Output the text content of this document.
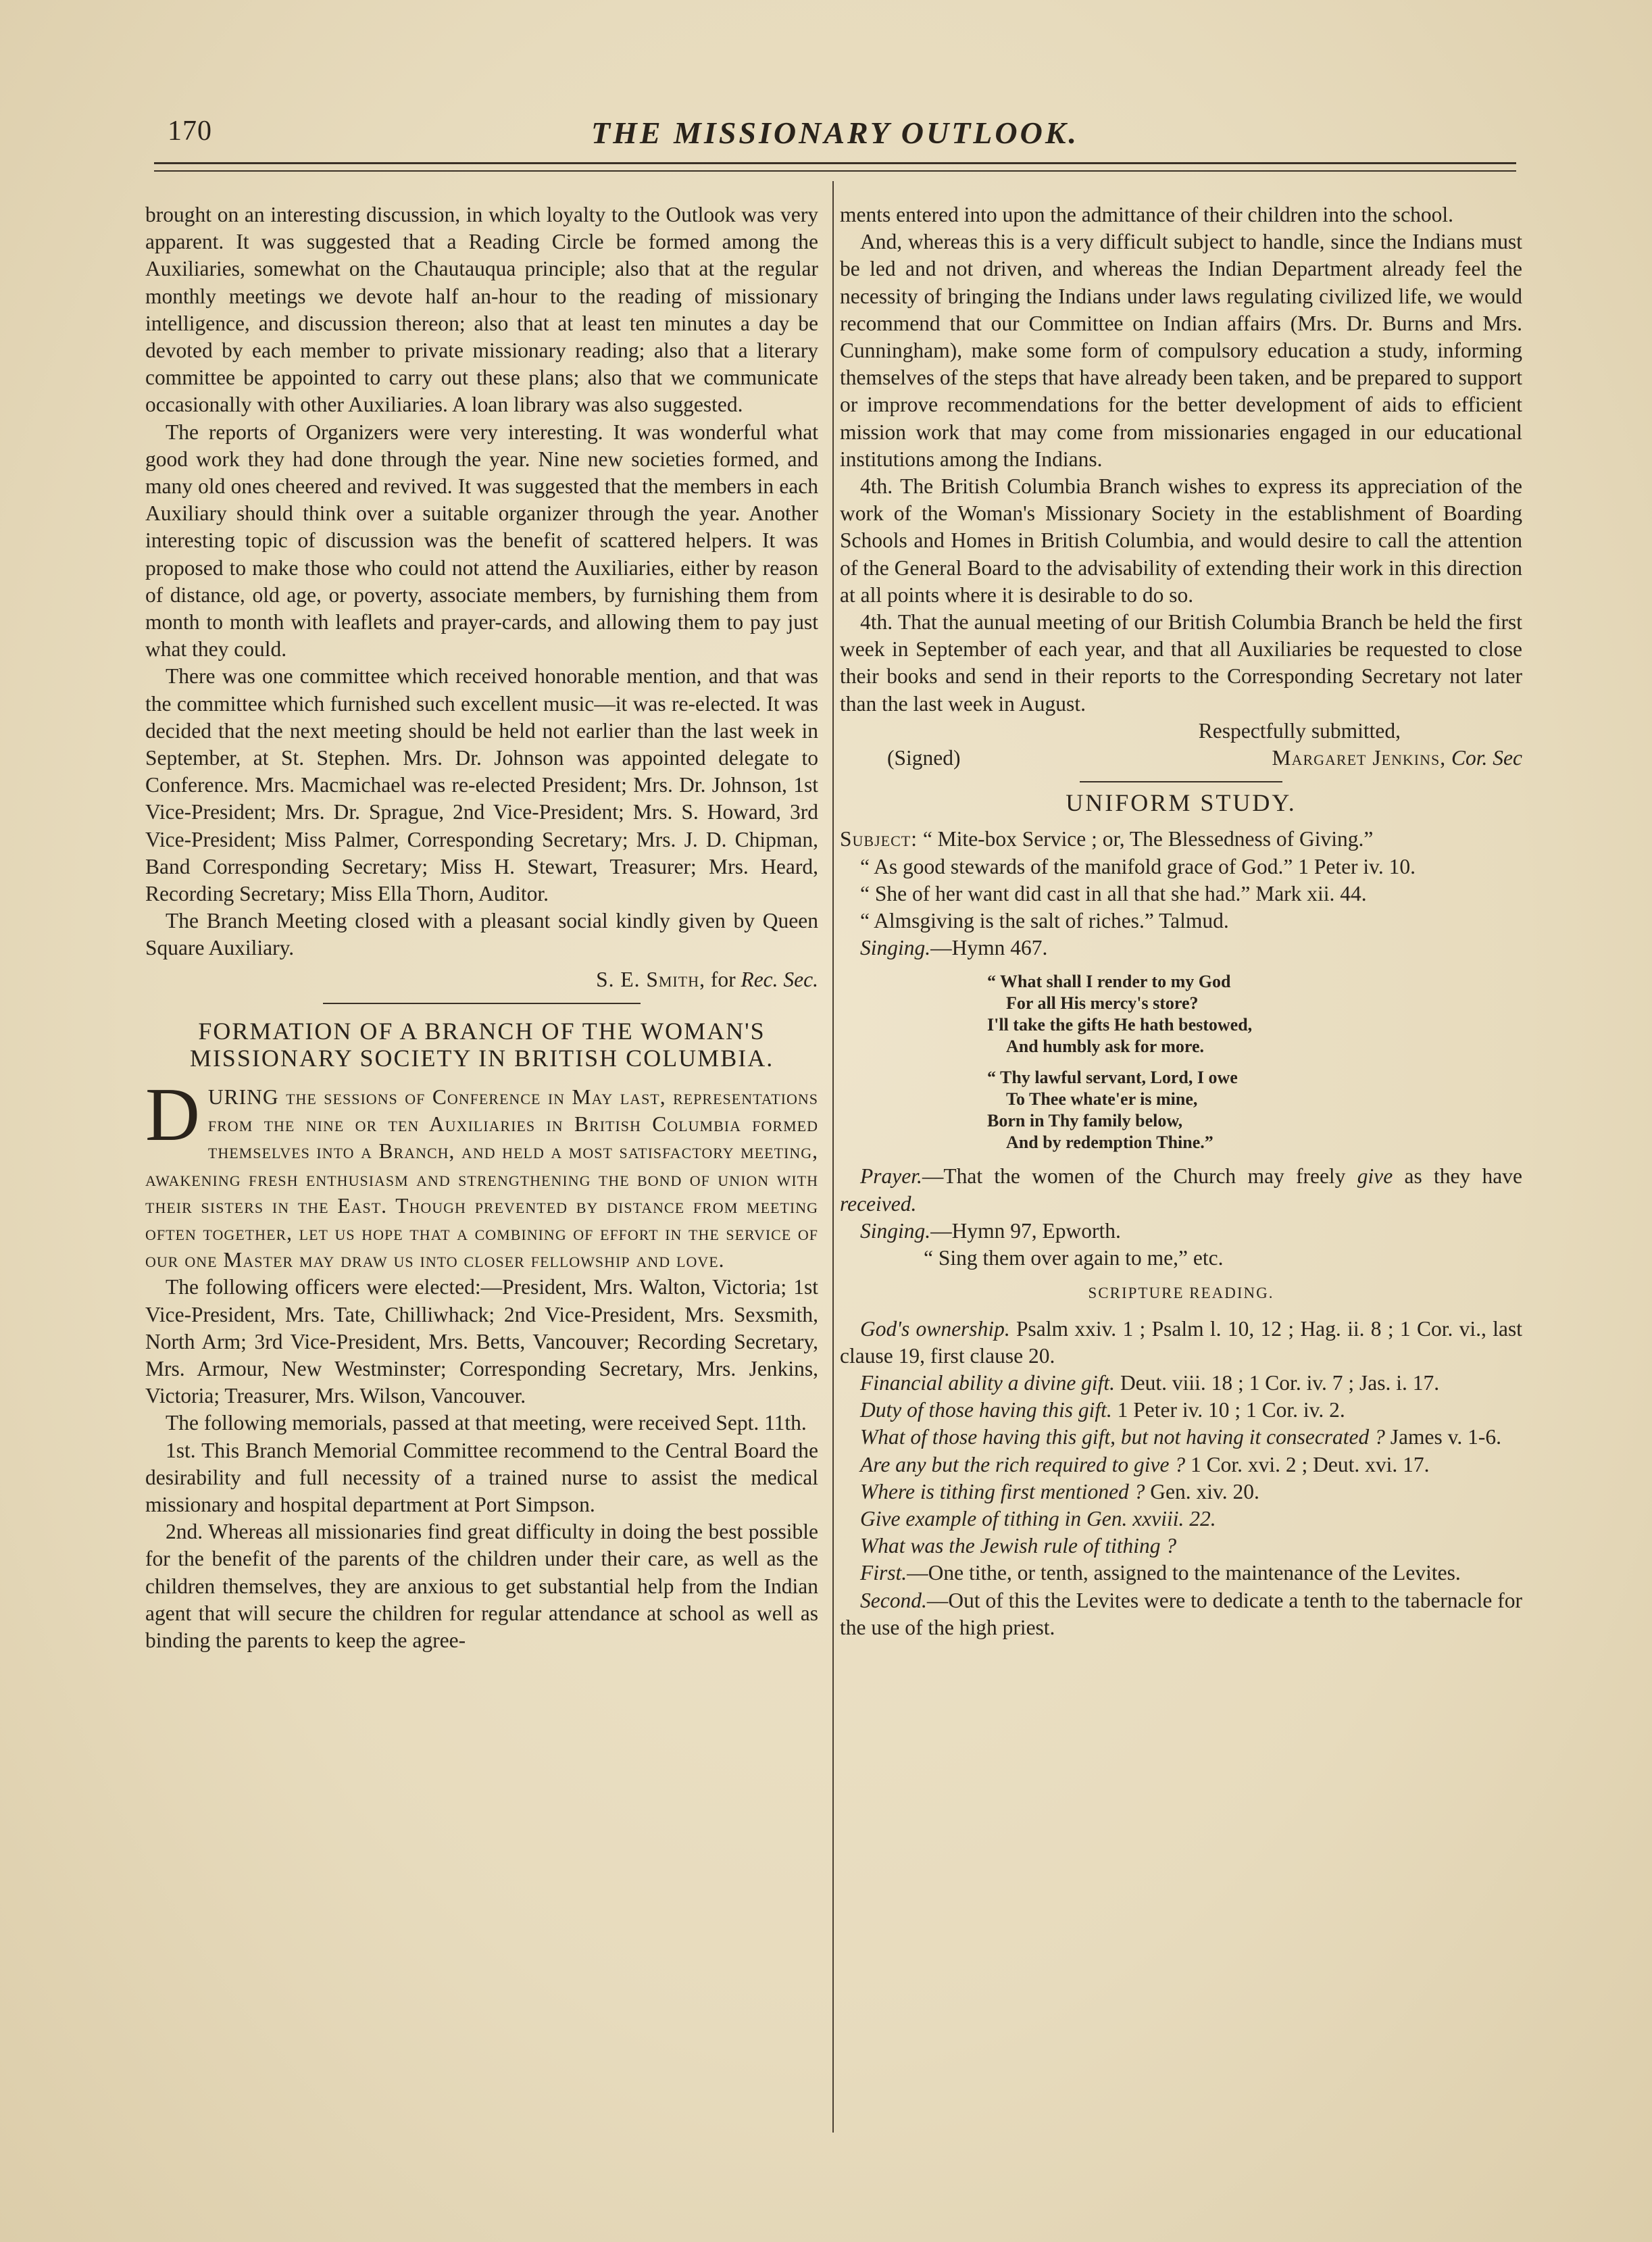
170	THE MISSIONARY OUTLOOK.

brought on an interesting discussion, in which loyalty to the Outlook was very apparent. It was suggested that a Reading Circle be formed among the Auxiliaries, somewhat on the Chautauqua principle; also that at the regular monthly meetings we devote half an-hour to the reading of missionary intelligence, and discussion thereon; also that at least ten minutes a day be devoted by each member to private missionary reading; also that a literary committee be appointed to carry out these plans; also that we communicate occasionally with other Auxiliaries. A loan library was also suggested.

The reports of Organizers were very interesting. It was wonderful what good work they had done through the year. Nine new societies formed, and many old ones cheered and revived. It was suggested that the members in each Auxiliary should think over a suitable organizer through the year. Another interesting topic of discussion was the benefit of scattered helpers. It was proposed to make those who could not attend the Auxiliaries, either by reason of distance, old age, or poverty, associate members, by furnishing them from month to month with leaflets and prayer-cards, and allowing them to pay just what they could.

There was one committee which received honorable mention, and that was the committee which furnished such excellent music—it was re-elected. It was decided that the next meeting should be held not earlier than the last week in September, at St. Stephen. Mrs. Dr. Johnson was appointed delegate to Conference. Mrs. Macmichael was re-elected President; Mrs. Dr. Johnson, 1st Vice-President; Mrs. Dr. Sprague, 2nd Vice-President; Mrs. S. Howard, 3rd Vice-President; Miss Palmer, Corresponding Secretary; Mrs. J. D. Chipman, Band Corresponding Secretary; Miss H. Stewart, Treasurer; Mrs. Heard, Recording Secretary; Miss Ella Thorn, Auditor.

The Branch Meeting closed with a pleasant social kindly given by Queen Square Auxiliary.

S. E. Smith, for Rec. Sec.
FORMATION OF A BRANCH OF THE WOMAN'S MISSIONARY SOCIETY IN BRITISH COLUMBIA.

DURING the sessions of Conference in May last, representations from the nine or ten Auxiliaries in British Columbia formed themselves into a Branch, and held a most satisfactory meeting, awakening fresh enthusiasm and strengthening the bond of union with their sisters in the East. Though prevented by distance from meeting often together, let us hope that a combining of effort in the service of our one Master may draw us into closer fellowship and love.

The following officers were elected:—President, Mrs. Walton, Victoria; 1st Vice-President, Mrs. Tate, Chilliwhack; 2nd Vice-President, Mrs. Sexsmith, North Arm; 3rd Vice-President, Mrs. Betts, Vancouver; Recording Secretary, Mrs. Armour, New Westminster; Corresponding Secretary, Mrs. Jenkins, Victoria; Treasurer, Mrs. Wilson, Vancouver.

The following memorials, passed at that meeting, were received Sept. 11th.

1st. This Branch Memorial Committee recommend to the Central Board the desirability and full necessity of a trained nurse to assist the medical missionary and hospital department at Port Simpson.

2nd. Whereas all missionaries find great difficulty in doing the best possible for the benefit of the parents of the children under their care, as well as the children themselves, they are anxious to get substantial help from the Indian agent that will secure the children for regular attendance at school as well as binding the parents to keep the agree-

ments entered into upon the admittance of their children into the school.

And, whereas this is a very difficult subject to handle, since the Indians must be led and not driven, and whereas the Indian Department already feel the necessity of bringing the Indians under laws regulating civilized life, we would recommend that our Committee on Indian affairs (Mrs. Dr. Burns and Mrs. Cunningham), make some form of compulsory education a study, informing themselves of the steps that have already been taken, and be prepared to support or improve recommendations for the better development of aids to efficient mission work that may come from missionaries engaged in our educational institutions among the Indians.

4th. The British Columbia Branch wishes to express its appreciation of the work of the Woman's Missionary Society in the establishment of Boarding Schools and Homes in British Columbia, and would desire to call the attention of the General Board to the advisability of extending their work in this direction at all points where it is desirable to do so.

4th. That the aunual meeting of our British Columbia Branch be held the first week in September of each year, and that all Auxiliaries be requested to close their books and send in their reports to the Corresponding Secretary not later than the last week in August.

Respectfully submitted,
(Signed)	Margaret Jenkins, Cor. Sec
UNIFORM STUDY.

Subject: “ Mite-box Service ; or, The Blessedness of Giving.”

“ As good stewards of the manifold grace of God.” 1 Peter iv. 10.

“ She of her want did cast in all that she had.” Mark xii. 44.

“ Almsgiving is the salt of riches.” Talmud.

Singing.—Hymn 467.

“ What shall I render to my God
For all His mercy's store?
I'll take the gifts He hath bestowed,
And humbly ask for more.
“ Thy lawful servant, Lord, I owe
To Thee whate'er is mine,
Born in Thy family below,
And by redemption Thine.”

Prayer.—That the women of the Church may freely give as they have received.

Singing.—Hymn 97, Epworth.

“ Sing them over again to me,” etc.

SCRIPTURE READING.

God's ownership. Psalm xxiv. 1 ; Psalm l. 10, 12 ; Hag. ii. 8 ; 1 Cor. vi., last clause 19, first clause 20.

Financial ability a divine gift. Deut. viii. 18 ; 1 Cor. iv. 7 ; Jas. i. 17.

Duty of those having this gift. 1 Peter iv. 10 ; 1 Cor. iv. 2.

What of those having this gift, but not having it consecrated ? James v. 1-6.

Are any but the rich required to give ? 1 Cor. xvi. 2 ; Deut. xvi. 17.

Where is tithing first mentioned ? Gen. xiv. 20.

Give example of tithing in Gen. xxviii. 22.

What was the Jewish rule of tithing ?

First.—One tithe, or tenth, assigned to the maintenance of the Levites.

Second.—Out of this the Levites were to dedicate a tenth to the tabernacle for the use of the high priest.
